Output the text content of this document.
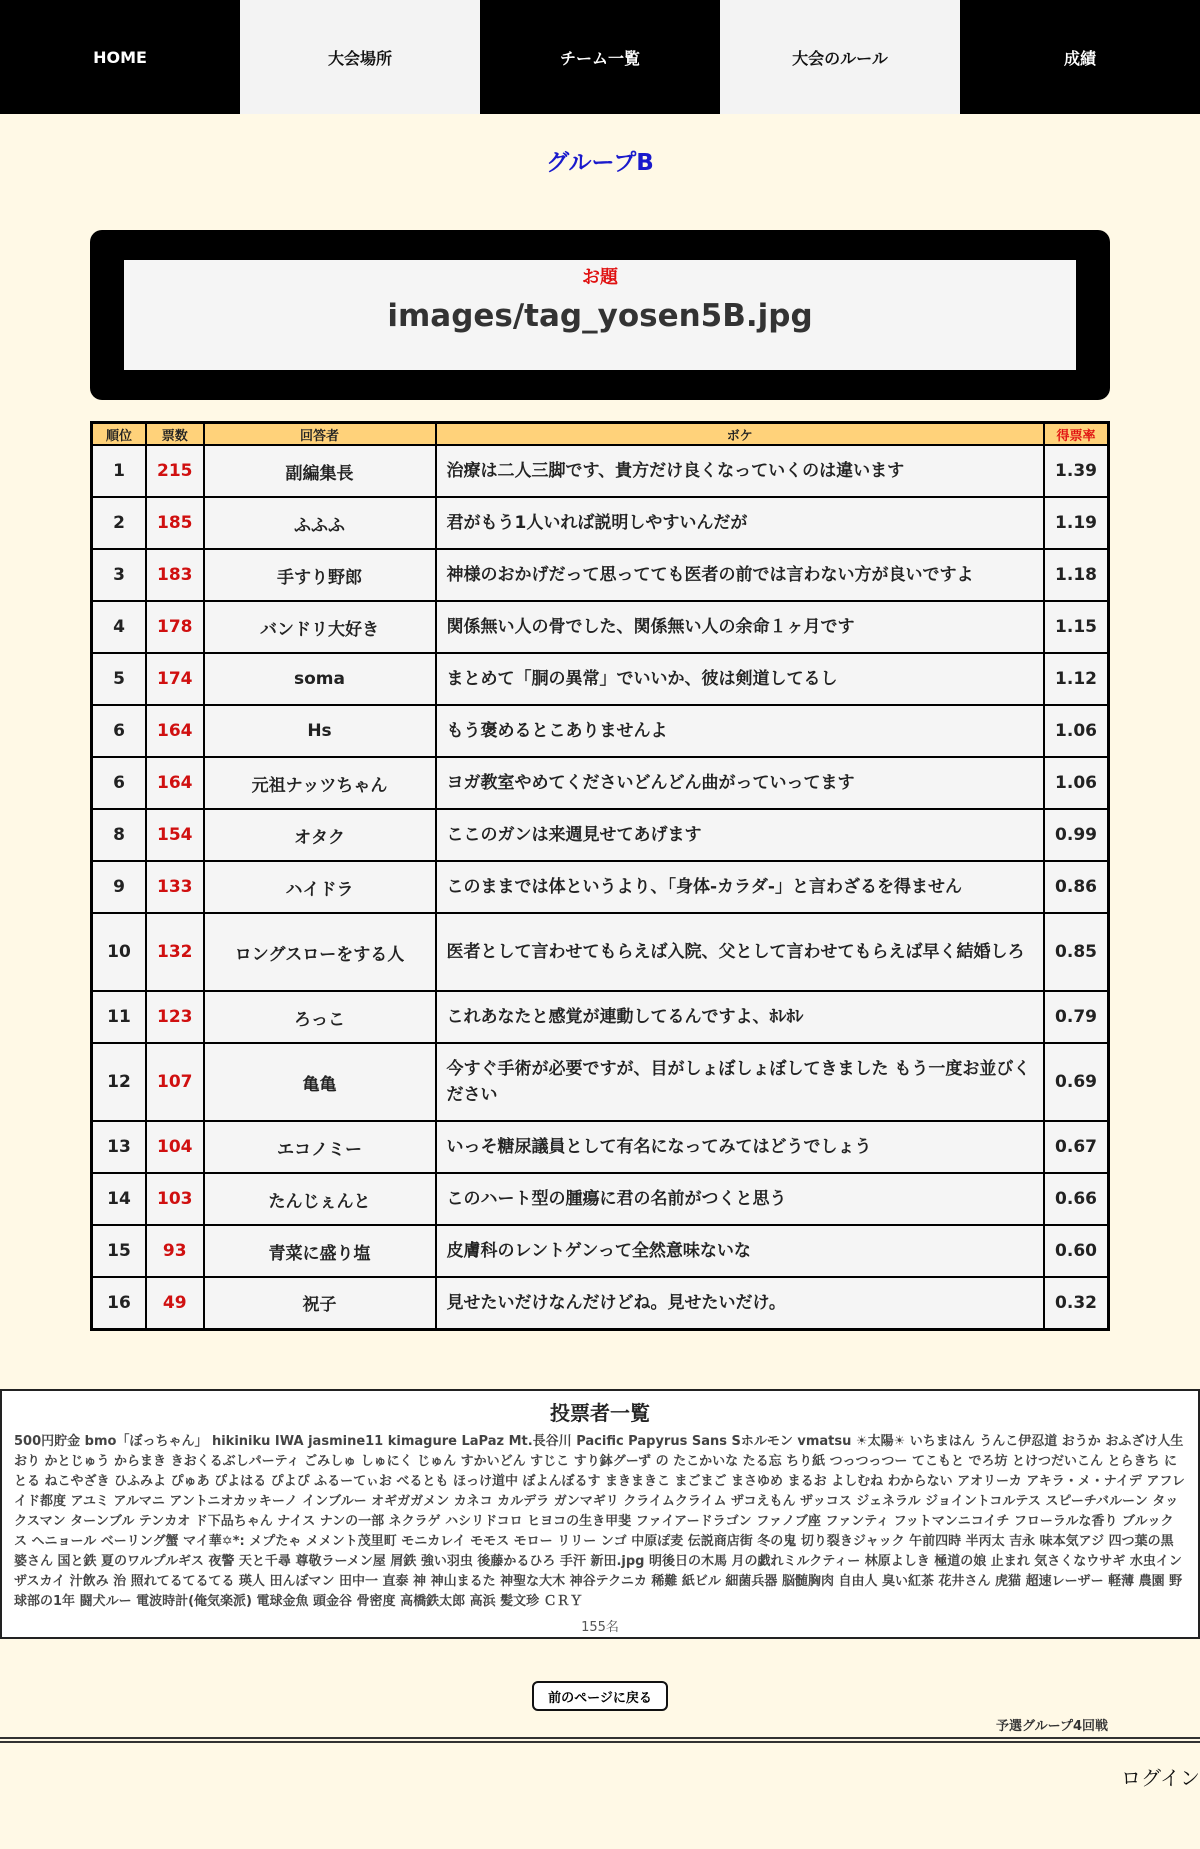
HOME	大会場所	チーム一覧	大会のルール	成績
グループB
お題
images/tag_yosen5B.jpg
順位	票数	回答者	ボケ	得票率
1	215	副編集長	治療は二人三脚です、貴方だけ良くなっていくのは違います	1.39
2	185	ふふふ	君がもう1人いれば説明しやすいんだが	1.19
3	183	手すり野郎	神様のおかげだって思ってても医者の前では言わない方が良いですよ	1.18
4	178	バンドリ大好き	関係無い人の骨でした、関係無い人の余命１ヶ月です	1.15
5	174	soma	まとめて「胴の異常」でいいか、彼は剣道してるし	1.12
6	164	Hs	もう褒めるとこありませんよ	1.06
6	164	元祖ナッツちゃん	ヨガ教室やめてくださいどんどん曲がっていってます	1.06
8	154	オタク	ここのガンは来週見せてあげます	0.99
9	133	ハイドラ	このままでは体というより、「身体-カラダ-」と言わざるを得ません	0.86
10	132	ロングスローをする人	医者として言わせてもらえば入院、父として言わせてもらえば早く結婚しろ	0.85
11	123	ろっこ	これあなたと感覚が連動してるんですよ、ﾎﾚﾎﾚ	0.79
12	107	亀亀	今すぐ手術が必要ですが、目がしょぼしょぼしてきました もう一度お並びください	0.69
13	104	エコノミー	いっそ糖尿議員として有名になってみてはどうでしょう	0.67
14	103	たんじぇんと	このハート型の腫瘍に君の名前がつくと思う	0.66
15	93	青菜に盛り塩	皮膚科のレントゲンって全然意味ないな	0.60
16	49	祝子	見せたいだけなんだけどね。見せたいだけ。	0.32
投票者一覧
500円貯金 bmo「ぼっちゃん」 hikiniku IWA jasmine11 kimagure LaPaz Mt.長谷川 Pacific Papyrus Sans Sホルモン vmatsu ☀太陽☀ いちまはん うんこ伊忍道 おうか おふざけ人生 おり かとじゅう からまき きおくるぶしパーティ ごみしゅ しゅにく じゅん すかいどん すじこ すり鉢グーず の たこかいな たる忘 ちり紙 つっつっつー てこもと でろ坊 とけつだいこん とらきち にとる ねこやざき ひふみよ ぴゅあ ぴよはる ぴよぴ ふるーてぃお べるとも ほっけ道中 ぼよんぼるす まきまきこ まごまご まさゆめ まるお よしむね わからない アオリーカ アキラ・メ・ナイデ アフレイド都度 アユミ アルマニ アントニオカッキーノ インブルー オギガガメン カネコ カルデラ ガンマギリ クライムクライム ザコえもん ザッコス ジェネラル ジョイントコルテス スピーチバルーン タックスマン ターンブル テンカオ ド下品ちゃん ナイス ナンの一部 ネクラゲ ハシリドコロ ヒヨコの生き甲斐 ファイアードラゴン ファノブ座 ファンティ フットマンニコイチ フローラルな香り ブルックス ヘニョール ベーリング蟹 マイ華✡*: メプたゃ メメント茂里町 モニカレイ モモス モロー リリー ンゴ 中原ぽ麦 伝説商店街 冬の鬼 切り裂きジャック 午前四時 半丙太 吉永 味本気アジ 四つ葉の黒婆さん 国と鉄 夏のワルプルギス 夜警 天と千尋 尊敬ラーメン屋 屑鉄 強い羽虫 後藤かるひろ 手汗 新田.jpg 明後日の木馬 月の戯れミルクティー 林原よしき 極道の娘 止まれ 気さくなウサギ 水虫インザスカイ 汁飲み 治 照れてるてるてる 瑛人 田んぼマン 田中一 直泰 神 神山まるた 神聖な大木 神谷テクニカ 稀難 紙ビル 細菌兵器 脳髄胸肉 自由人 臭い紅茶 花井さん 虎猫 超速レーザー 軽薄 農園 野球部の1年 闘犬ルー 電波時計(俺気楽派) 電球金魚 頭金谷 骨密度 高橋鉄太郎 高浜 髪文珍 ＣＲＹ
155名
前のページに戻る
予選グループ4回戦
ログイン
